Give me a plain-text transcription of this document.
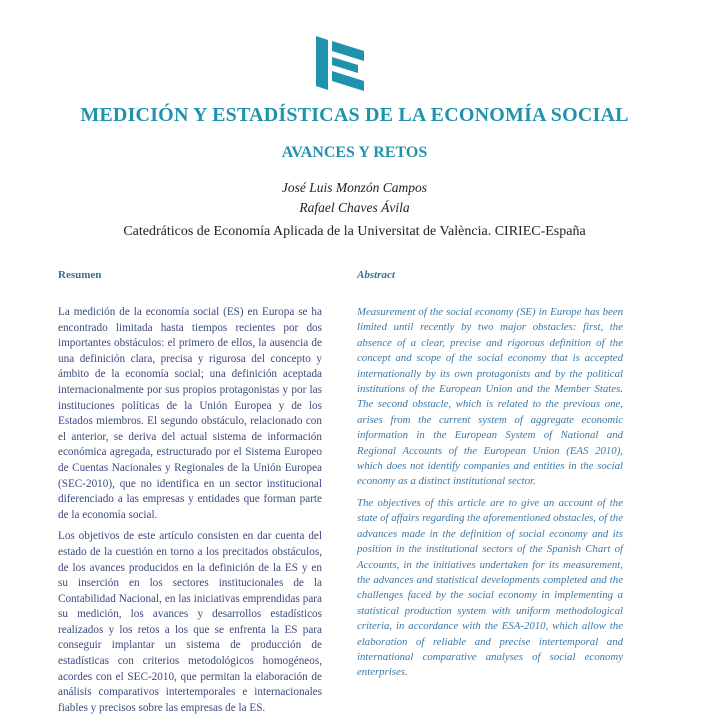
MEDICIÓN Y ESTADÍSTICAS DE LA ECONOMÍA SOCIAL
AVANCES Y RETOS
José Luis Monzón Campos
Rafael Chaves Ávila
Catedráticos de Economía Aplicada de la Universitat de València. CIRIEC-España
Resumen	Abstract

La medición de la economía social (ES) en Europa se ha encontrado limitada hasta tiempos recientes por dos importantes obstáculos: el primero de ellos, la ausencia de una definición clara, precisa y rigurosa del concepto y ámbito de la economía social; una definición aceptada internacionalmente por sus propios protagonistas y por las instituciones políticas de la Unión Europea y de los Estados miembros. El segundo obstáculo, relacionado con el anterior, se deriva del actual sistema de información económica agregada, estructurado por el Sistema Europeo de Cuentas Nacionales y Regionales de la Unión Europea (SEC-2010), que no identifica en un sector institucional diferenciado a las empresas y entidades que forman parte de la economía social.

Los objetivos de este artículo consisten en dar cuenta del estado de la cuestión en torno a los precitados obstáculos, de los avances producidos en la definición de la ES y en su inserción en los sectores institucionales de la Contabilidad Nacional, en las iniciativas emprendidas para su medición, los avances y desarrollos estadísticos realizados y los retos a los que se enfrenta la ES para conseguir implantar un sistema de producción de estadísticas con criterios metodológicos homogéneos, acordes con el SEC-2010, que permitan la elaboración de análisis comparativos intertemporales e internacionales fiables y precisos sobre las empresas de la ES.

Measurement of the social economy (SE) in Europe has been limited until recently by two major obstacles: first, the absence of a clear, precise and rigorous definition of the concept and scope of the social economy that is accepted internationally by its own protagonists and by the political institutions of the European Union and the Member States. The second obstacle, which is related to the previous one, arises from the current system of aggregate economic information in the European System of National and Regional Accounts of the European Union (EAS 2010), which does not identify companies and entities in the social economy as a distinct institutional sector.

The objectives of this article are to give an account of the state of affairs regarding the aforementioned obstacles, of the advances made in the definition of social economy and its position in the institutional sectors of the Spanish Chart of Accounts, in the initiatives undertaken for its measurement, the advances and statistical developments completed and the challenges faced by the social economy in implementing a statistical production system with uniform methodological criteria, in accordance with the ESA-2010, which allow the elaboration of reliable and precise intertemporal and international comparative analyses of social economy enterprises.
